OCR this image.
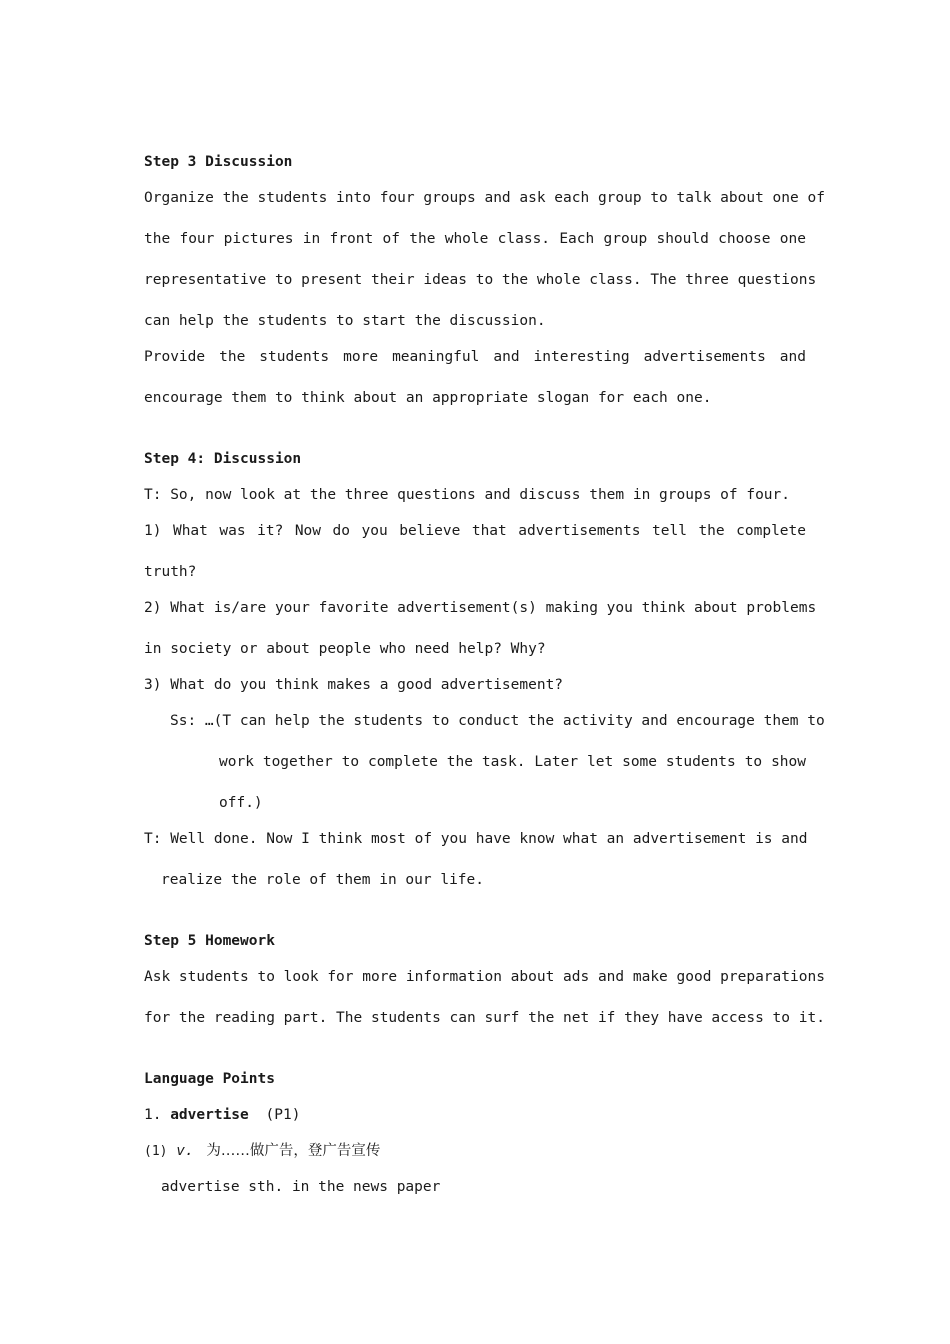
Step 3 Discussion
Organize the students into four groups and ask each group to talk about one of
the four pictures in front of the whole class. Each group should choose one
representative to present their ideas to the whole class. The three questions
can help the students to start the discussion.
Provide the students more meaningful and interesting advertisements and
encourage them to think about an appropriate slogan for each one.
Step 4: Discussion
T: So, now look at the three questions and discuss them in groups of four.
1) What was it? Now do you believe that advertisements tell the complete
truth?
2) What is/are your favorite advertisement(s) making you think about problems
in society or about people who need help? Why?
3) What do you think makes a good advertisement?
Ss: …(T can help the students to conduct the activity and encourage them to
work together to complete the task. Later let some students to show
off.)
T: Well done. Now I think most of you have know what an advertisement is and
realize the role of them in our life.
Step 5 Homework
Ask students to look for more information about ads and make good preparations
for the reading part. The students can surf the net if they have access to it.
Language Points
1. advertise (P1)
(1) v. 为……做广告，登广告宣传
advertise sth. in the news paper
